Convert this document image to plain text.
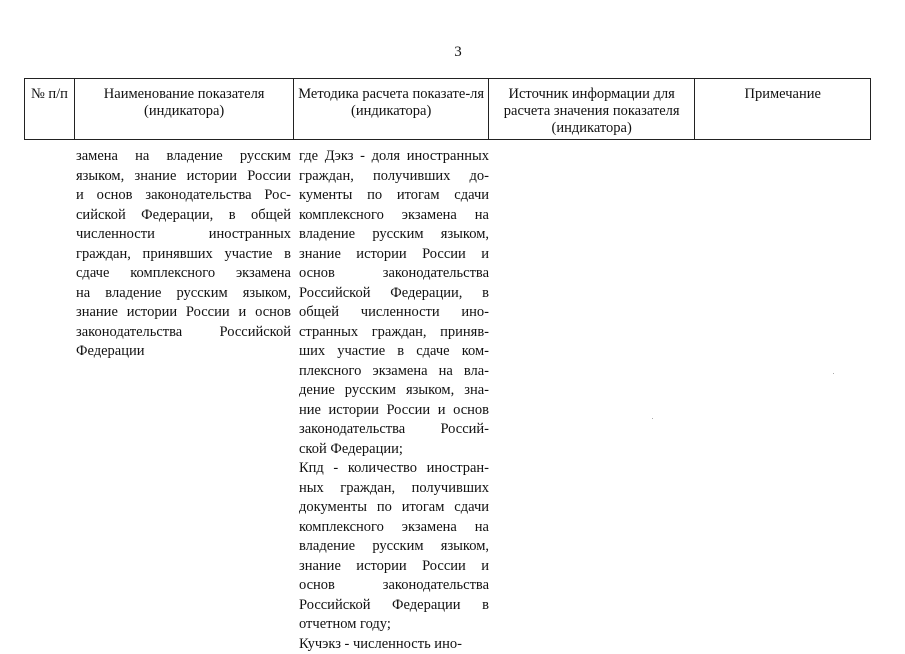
3
№ п/п	Наименование показателя (индикатора)
Методика расчета показате-ля (индикатора)
Источник информации для расчета значения показателя (индикатора)
Примечание

замена на владение русским

языком, знание истории России

и основ законодательства Рос-

сийской Федерации, в общей

численности иностранных

граждан, принявших участие в

сдаче комплексного экзамена

на владение русским языком,

знание истории России и основ

законодательства Российской

Федерации

где Дэкз - доля иностранных

граждан, получивших до-

кументы по итогам сдачи

комплексного экзамена на

владение русским языком,

знание истории России и

основ законодательства

Российской Федерации, в

общей численности ино-

странных граждан, приняв-

ших участие в сдаче ком-

плексного экзамена на вла-

дение русским языком, зна-

ние истории России и основ

законодательства Россий-

ской Федерации;

Кпд - количество иностран-

ных граждан, получивших

документы по итогам сдачи

комплексного экзамена на

владение русским языком,

знание истории России и

основ законодательства

Российской Федерации в

отчетном году;

Кучэкз - численность ино-
